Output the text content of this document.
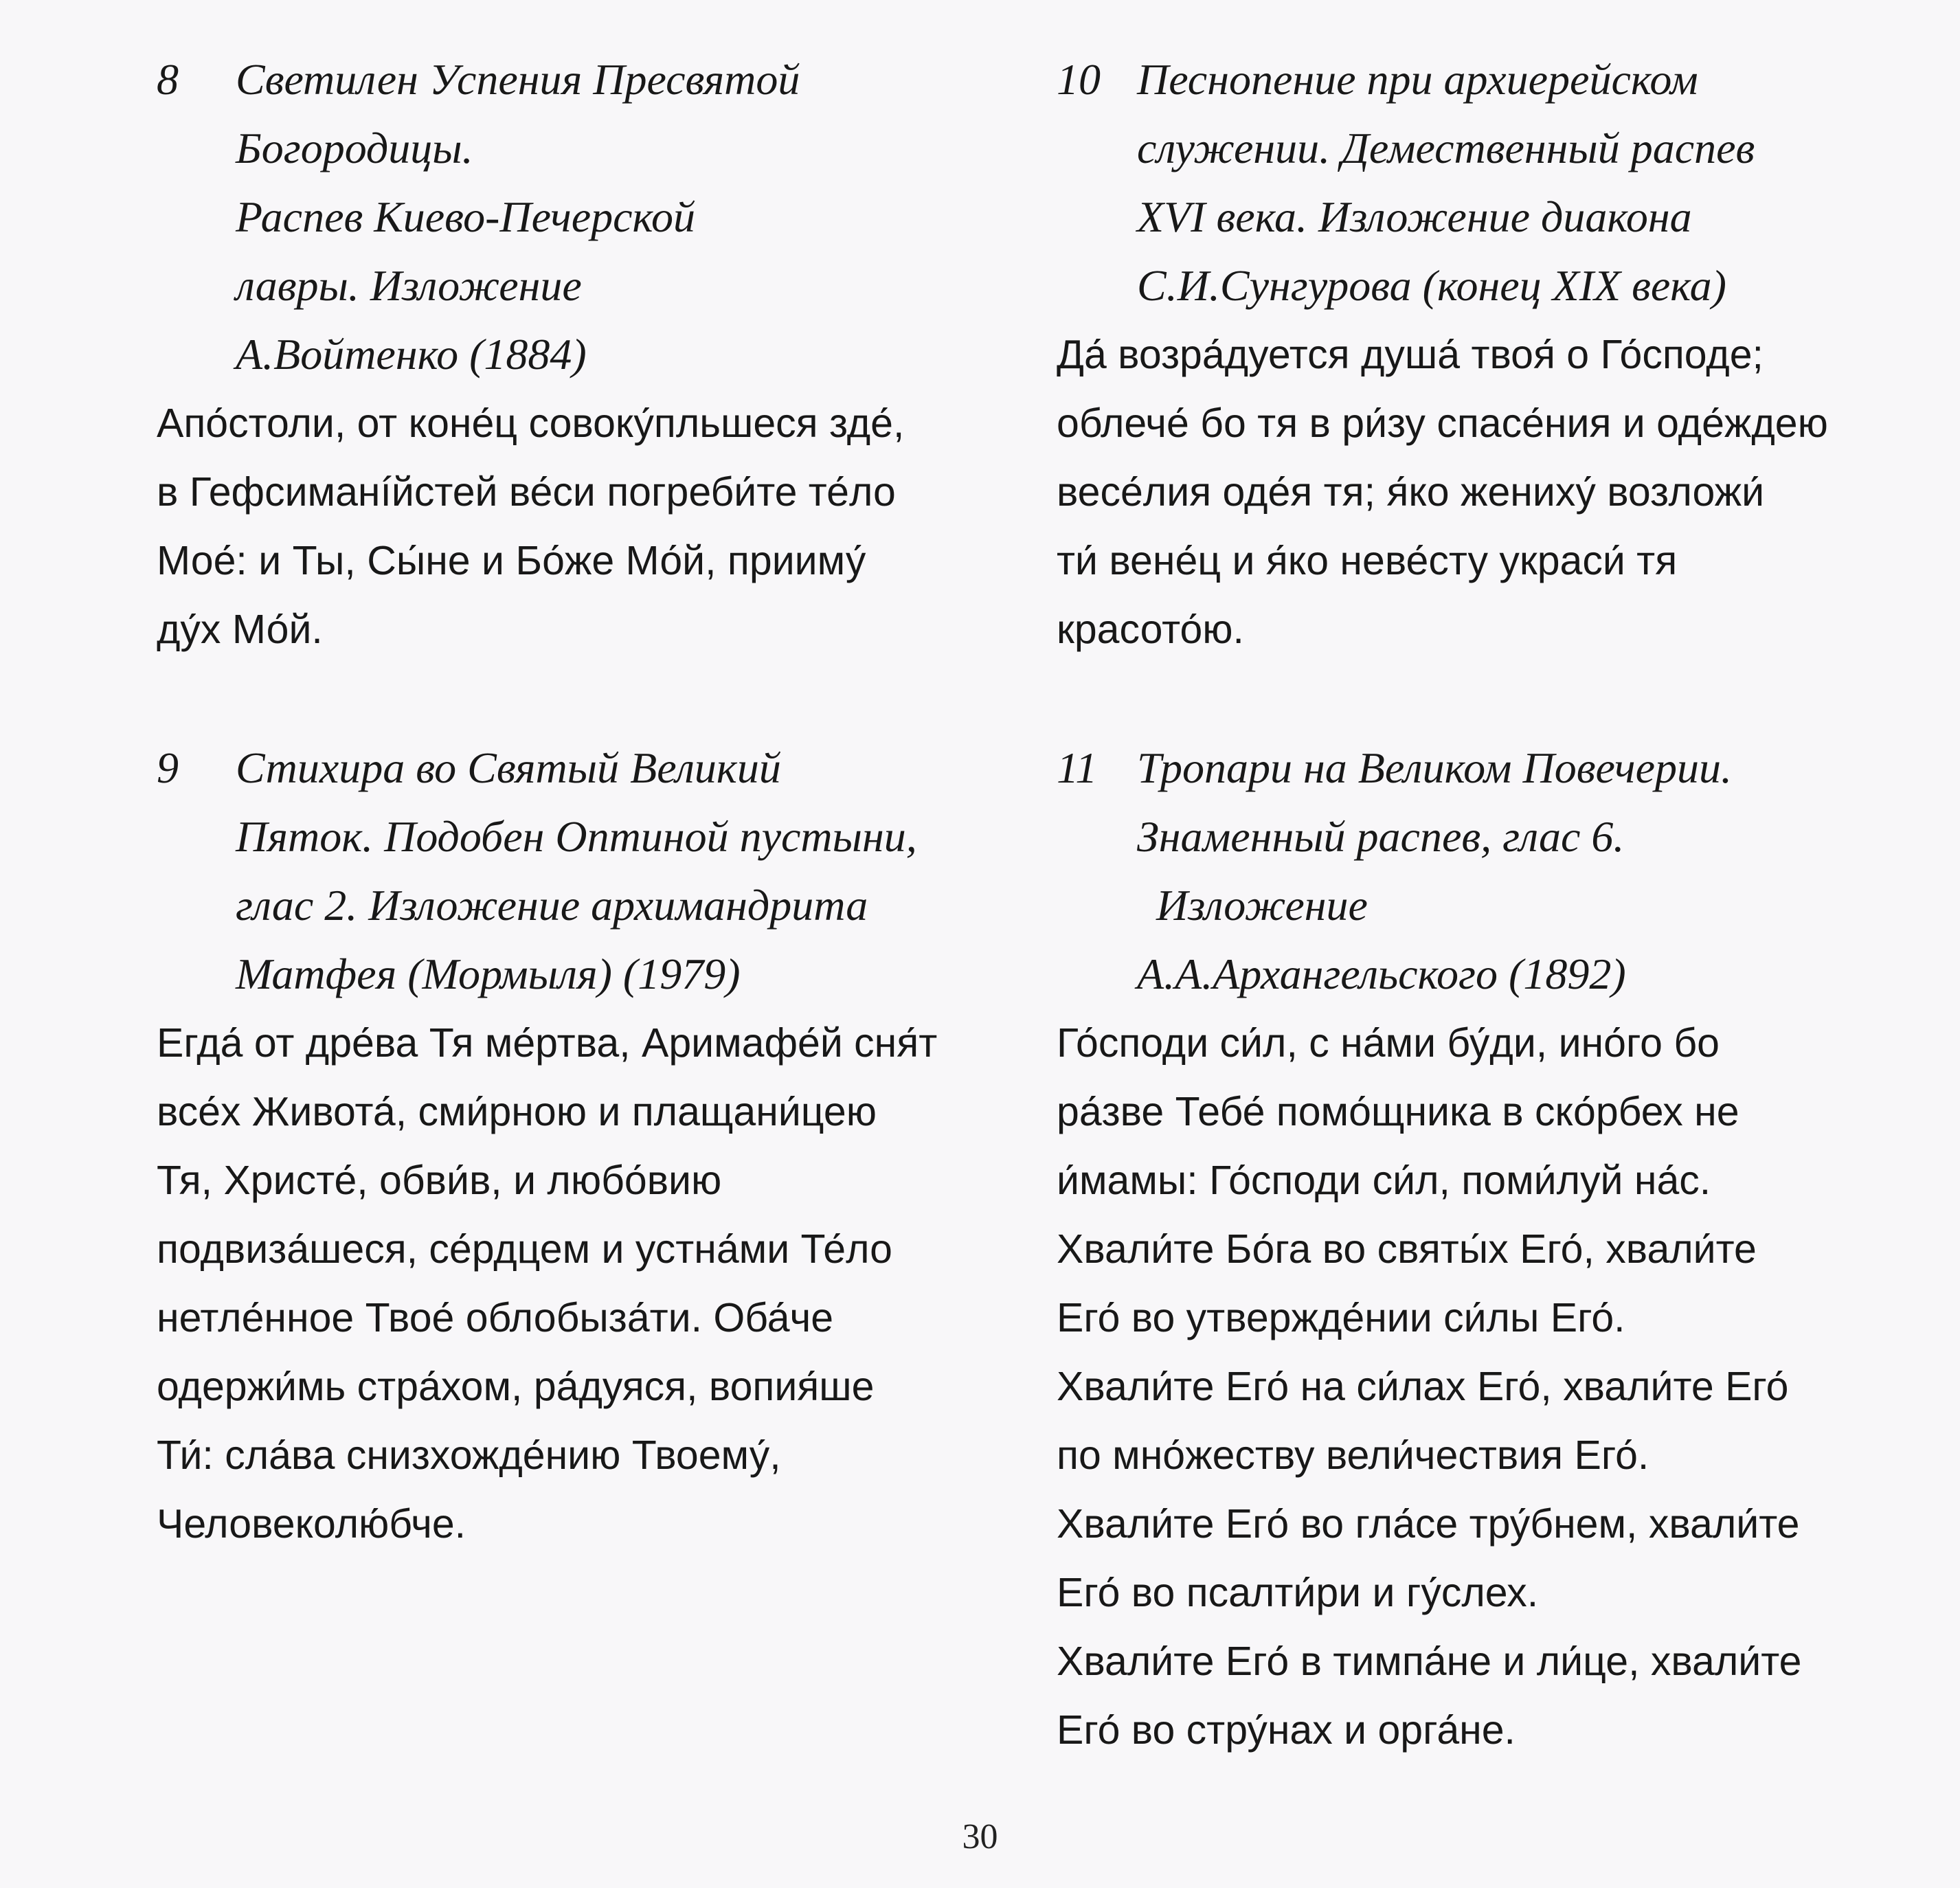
8	Светилен Успения Пресвятой
Богородицы.
Распев Киево-Печерской
лавры. Изложение
А.Войтенко (1884)
Апо́столи, от коне́ц совоку́пльшеся зде́,
в Гефсиманíйстей ве́си погреби́те те́ло
Мое́: и Ты, Сы́не и Бо́же Мо́й, прииму́
ду́х Мо́й.
9	Стихира во Святый Великий
Пяток. Подобен Оптиной пустыни,
глас 2. Изложение архимандрита
Матфея (Мормыля) (1979)
Егда́ от дре́ва Тя ме́ртва, Аримафе́й сня́т
все́х Живота́, сми́рною и плащани́цею
Тя, Христе́, обви́в, и любо́вию
подвиза́шеся, се́рдцем и устна́ми Те́ло
нетле́нное Твое́ облобыза́ти. Оба́че
одержи́мь стра́хом, ра́дуяся, вопия́ше
Ти́: сла́ва снизхожде́нию Твоему́,
Человеколю́бче.
10 Песнопение при архиерейском
служении. Демественный распев
XVI века. Изложение диакона
С.И.Сунгурова (конец XIX века)
Да́ возра́дуется душа́ твоя́ о Го́споде;
облече́ бо тя в ри́зу спасе́ния и оде́ждею
весе́лия оде́я тя; я́ко жениху́ возложи́
ти́ вене́ц и я́ко неве́сту украси́ тя
красото́ю.
11 Тропари на Великом Повечерии.
Знаменный распев, глас 6.
Изложение
А.А.Архангельского (1892)
Го́споди си́л, с на́ми бу́ди, ино́го бо
ра́зве Тебе́ помо́щника в ско́рбех не
и́мамы: Го́споди си́л, поми́луй на́с.
Хвали́те Бо́га во святы́х Его́, хвали́те
Его́ во утвержде́нии си́лы Его́.
Хвали́те Его́ на си́лах Его́, хвали́те Его́
по мно́жеству вели́чествия Его́.
Хвали́те Его́ во гла́се тру́бнем, хвали́те
Его́ во псалти́ри и гу́слех.
Хвали́те Его́ в тимпа́не и ли́це, хвали́те
Его́ во стру́нах и орга́не.
30
